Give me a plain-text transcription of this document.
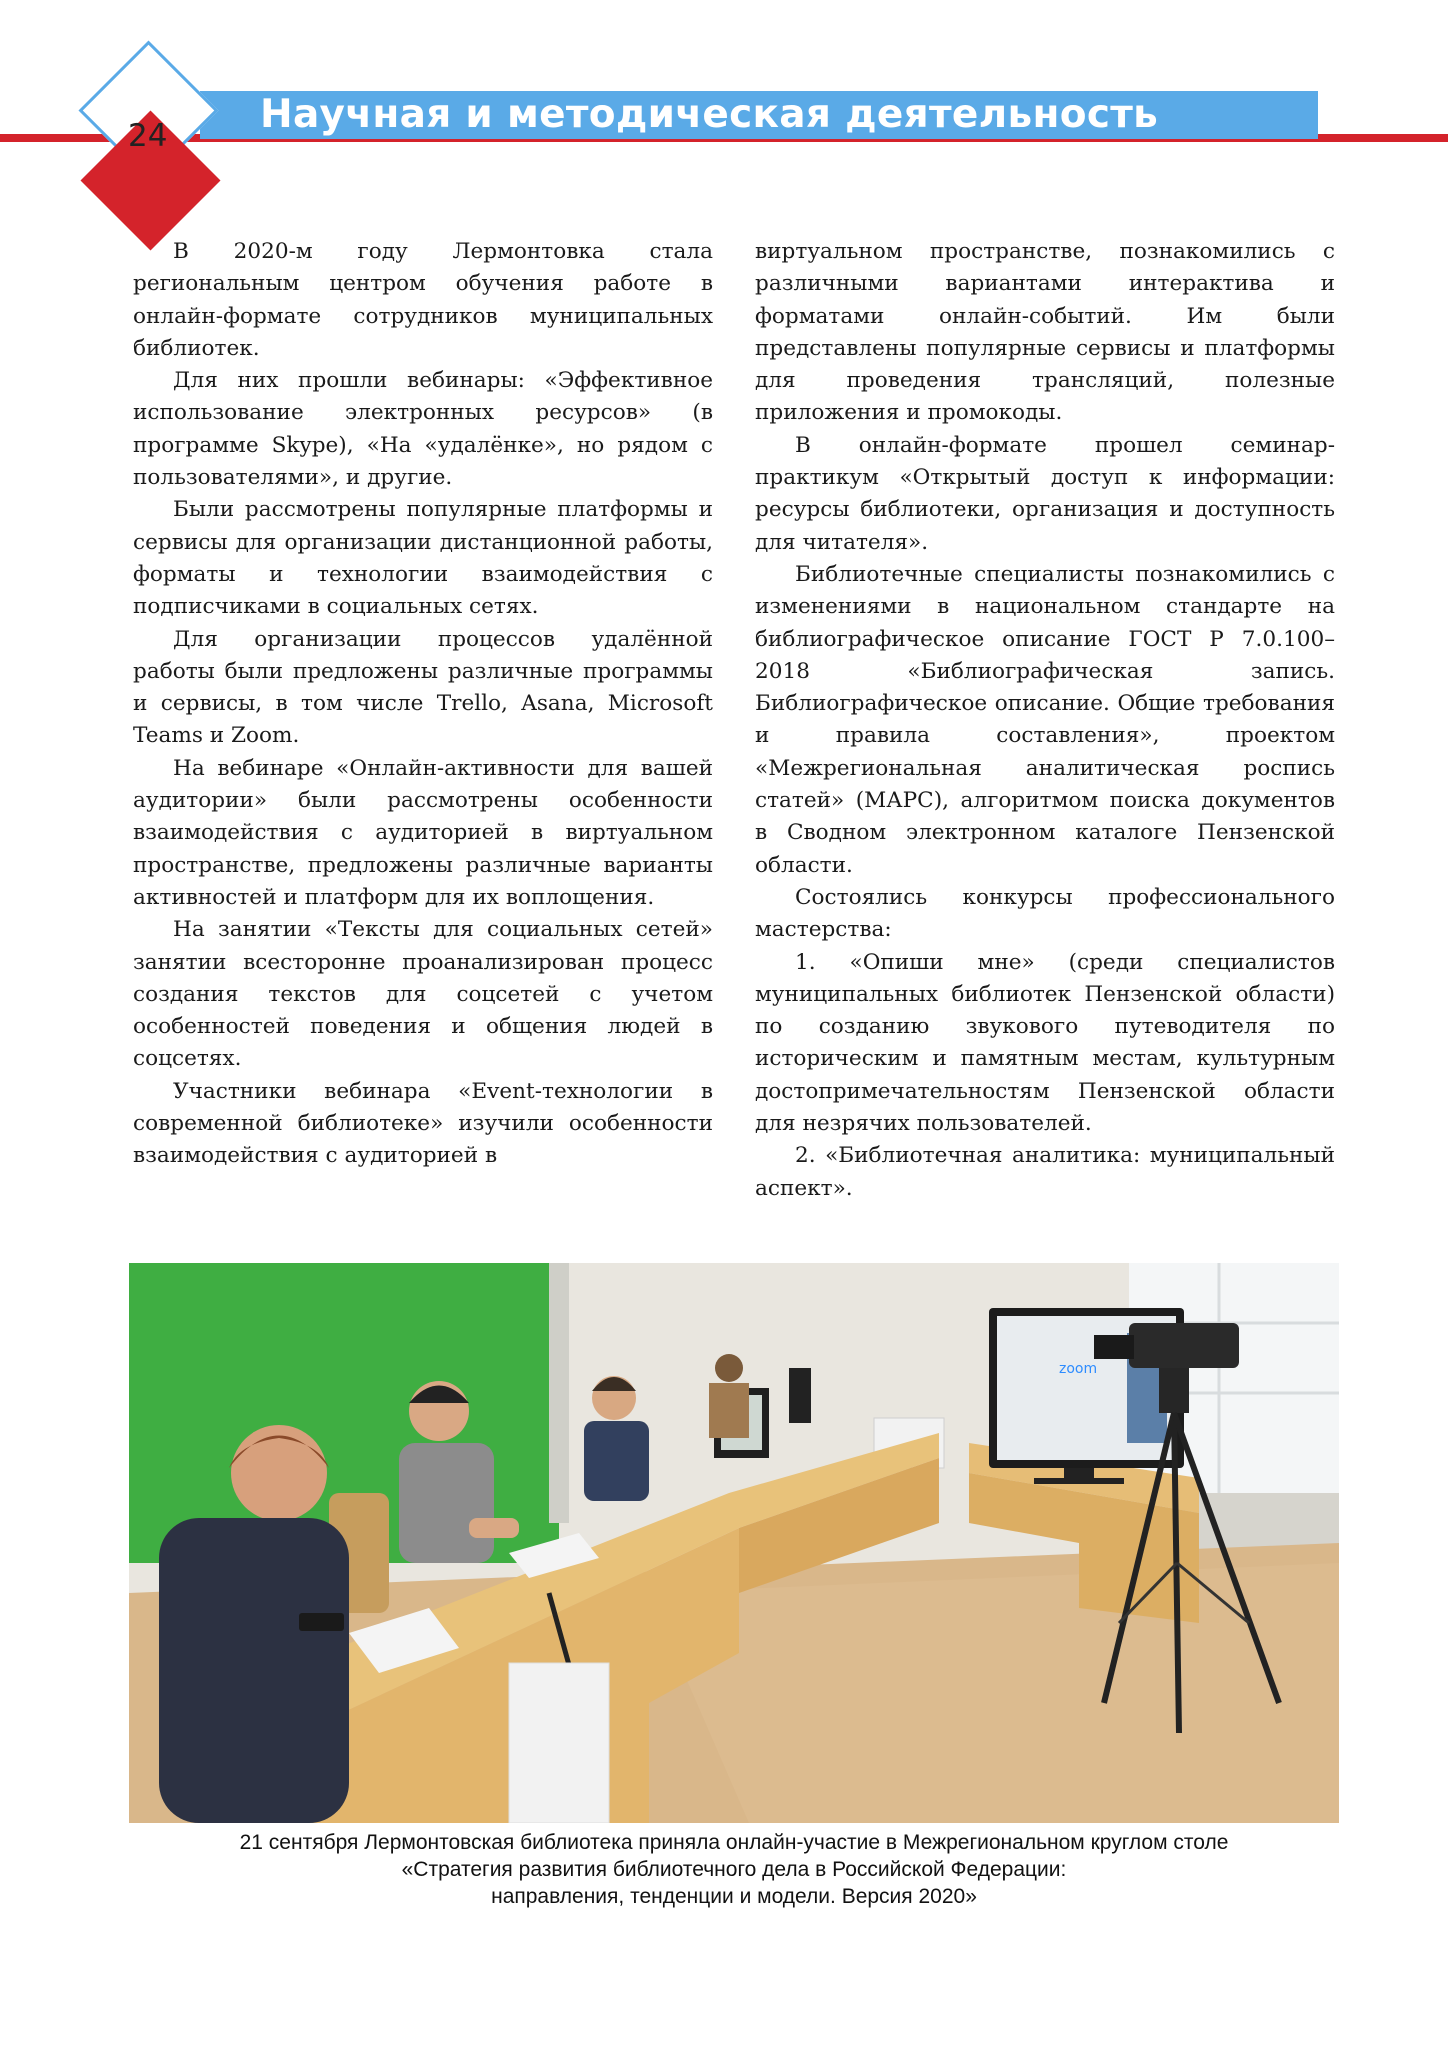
Научная и методическая деятельность
24

В 2020-м году Лермонтовка стала региональным центром обучения работе в онлайн-формате сотрудников муниципальных библиотек.

Для них прошли вебинары: «Эффективное использование электронных ресурсов» (в программе Skype), «На «удалёнке», но рядом с пользователями», и другие.

Были рассмотрены популярные платформы и сервисы для организации дистанционной работы, форматы и технологии взаимодействия с подписчиками в социальных сетях.

Для организации процессов удалённой работы были предложены различные программы и сервисы, в том числе Trello, Asana, Microsoft Teams и Zoom.

На вебинаре «Онлайн-активности для вашей аудитории» были рассмотрены особенности взаимодействия с аудиторией в виртуальном пространстве, предложены различные варианты активностей и платформ для их воплощения.

На занятии «Тексты для социальных сетей» занятии всесторонне проанализирован процесс создания текстов для соцсетей с учетом особенностей поведения и общения людей в соцсетях.

Участники вебинара «Event-технологии в современной библиотеке» изучили особенности взаимодействия с аудиторией в

виртуальном пространстве, познакомились с различными вариантами интерактива и форматами онлайн-событий. Им были представлены популярные сервисы и платформы для проведения трансляций, полезные приложения и промокоды.

В онлайн-формате прошел семинар-практикум «Открытый доступ к информации: ресурсы библиотеки, организация и доступность для читателя».

Библиотечные специалисты познакомились с изменениями в национальном стандарте на библиографическое описание ГОСТ Р 7.0.100–2018 «Библиографическая запись. Библиографическое описание. Общие требования и правила составления», проектом «Межрегиональная аналитическая роспись статей» (МАРС), алгоритмом поиска документов в Сводном электронном каталоге Пензенской области.

Состоялись конкурсы профессионального мастерства:

1. «Опиши мне» (среди специалистов муниципальных библиотек Пензенской области) по созданию звукового путеводителя по историческим и памятным местам, культурным достопримечательностям Пензенской области для незрячих пользователей.

2. «Библиотечная аналитика: муниципальный аспект».

zoom
21 сентября Лермонтовская библиотека приняла онлайн-участие в Межрегиональном круглом столе
«Стратегия развития библиотечного дела в Российской Федерации:
направления, тенденции и модели. Версия 2020»
